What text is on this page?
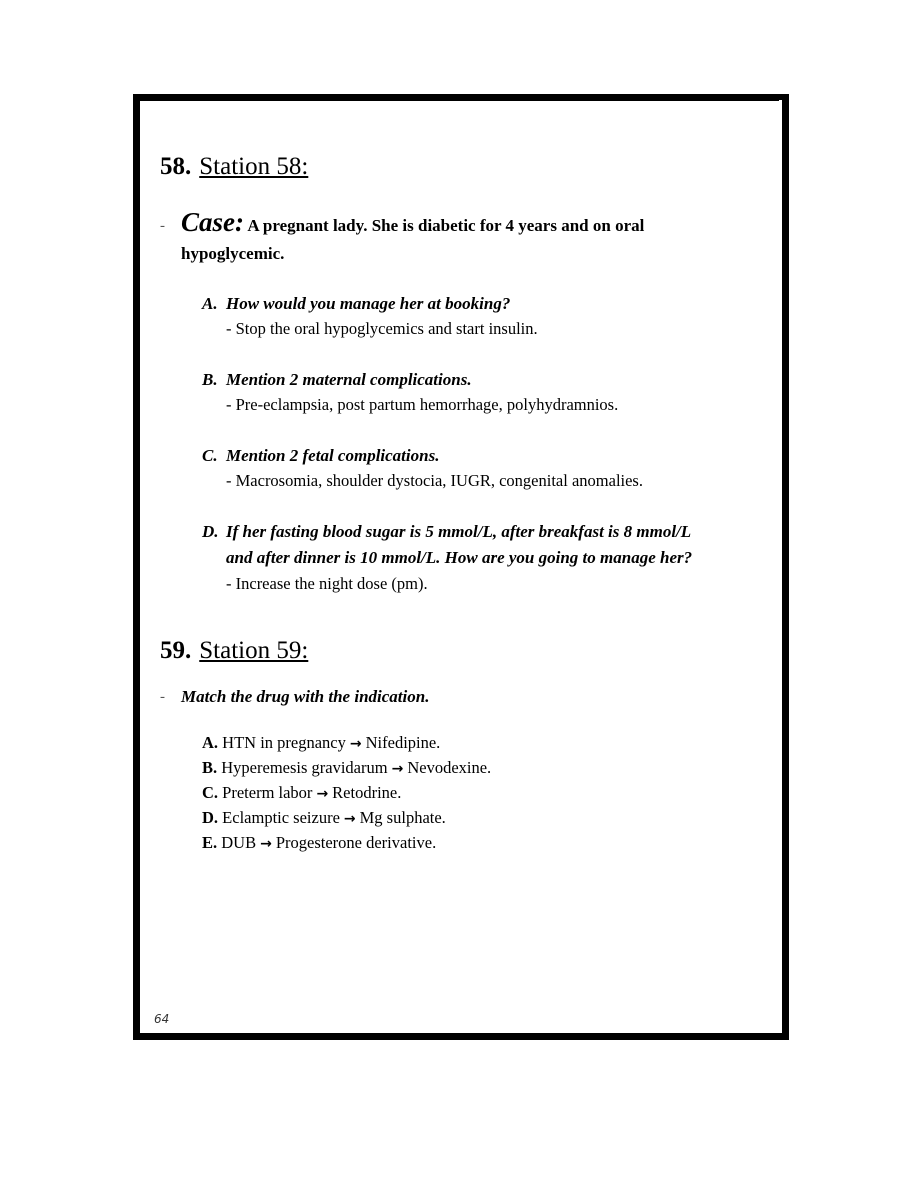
58. Station 58:
- Case: A pregnant lady. She is diabetic for 4 years and on oral
hypoglycemic.
A. How would you manage her at booking?
- Stop the oral hypoglycemics and start insulin.
B. Mention 2 maternal complications.
- Pre-eclampsia, post partum hemorrhage, polyhydramnios.
C. Mention 2 fetal complications.
- Macrosomia, shoulder dystocia, IUGR, congenital anomalies.
D. If her fasting blood sugar is 5 mmol/L, after breakfast is 8 mmol/L
and after dinner is 10 mmol/L. How are you going to manage her?
- Increase the night dose (pm).
59. Station 59:
- Match the drug with the indication.
A. HTN in pregnancy → Nifedipine.
B. Hyperemesis gravidarum → Nevodexine.
C. Preterm labor → Retodrine.
D. Eclamptic seizure → Mg sulphate.
E. DUB → Progesterone derivative.
64
